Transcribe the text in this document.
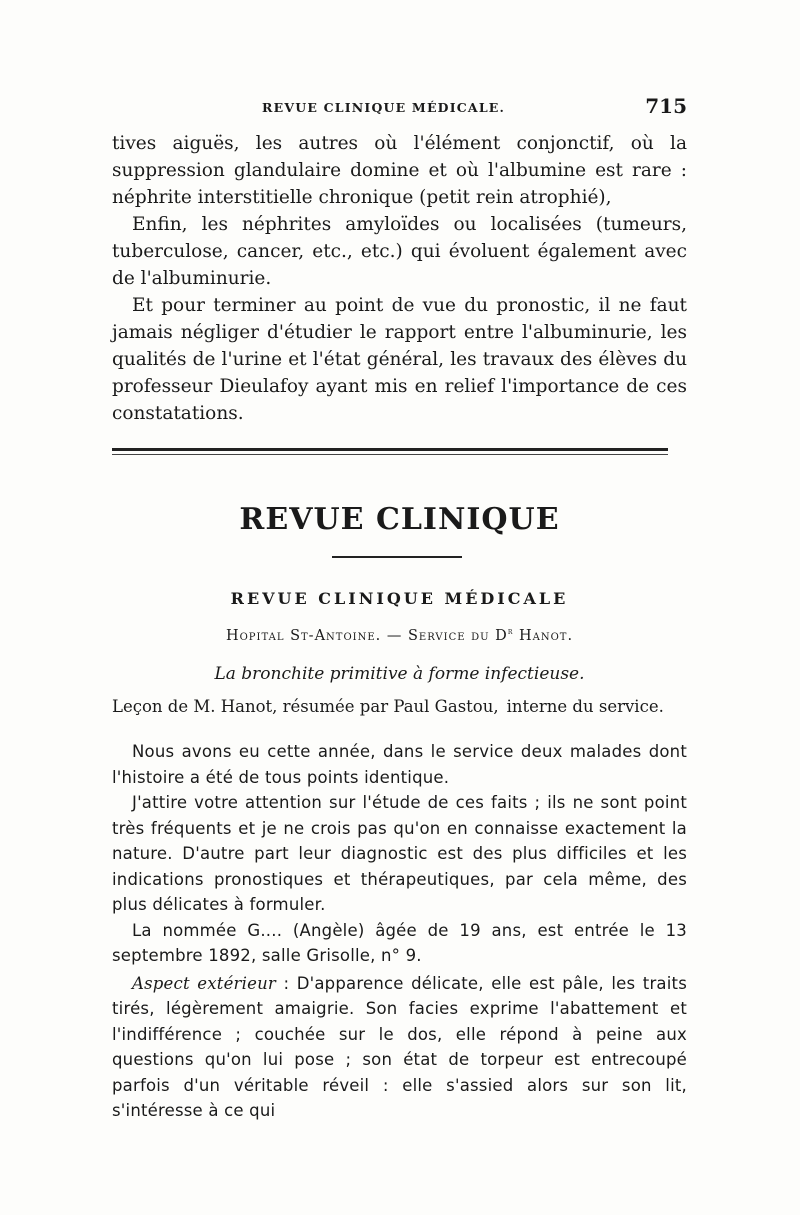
REVUE CLINIQUE MÉDICALE.	715

tives aiguës, les autres où l'élément conjonctif, où la suppression glandulaire domine et où l'albumine est rare : néphrite interstitielle chronique (petit rein atrophié),

Enfin, les néphrites amyloïdes ou localisées (tumeurs, tuberculose, cancer, etc., etc.) qui évoluent également avec de l'albuminurie.

Et pour terminer au point de vue du pronostic, il ne faut jamais négliger d'étudier le rapport entre l'albuminurie, les qualités de l'urine et l'état général, les travaux des élèves du professeur Dieulafoy ayant mis en relief l'importance de ces constatations.

REVUE CLINIQUE
REVUE CLINIQUE MÉDICALE
Hopital St-Antoine. — Service du $D^r$ Hanot.
La bronchite primitive à forme infectieuse.
Leçon de M. Hanot, résumée par Paul Gastou, interne du service.

Nous avons eu cette année, dans le service deux malades dont l'histoire a été de tous points identique.

J'attire votre attention sur l'étude de ces faits ; ils ne sont point très fréquents et je ne crois pas qu'on en connaisse exactement la nature. D'autre part leur diagnostic est des plus difficiles et les indications pronostiques et thérapeutiques, par cela même, des plus délicates à formuler.

La nommée G.... (Angèle) âgée de 19 ans, est entrée le 13 septembre 1892, salle Grisolle, n° 9.

Aspect extérieur : D'apparence délicate, elle est pâle, les traits tirés, légèrement amaigrie. Son facies exprime l'abattement et l'indifférence ; couchée sur le dos, elle répond à peine aux questions qu'on lui pose ; son état de torpeur est entrecoupé parfois d'un véritable réveil : elle s'assied alors sur son lit, s'intéresse à ce qui
